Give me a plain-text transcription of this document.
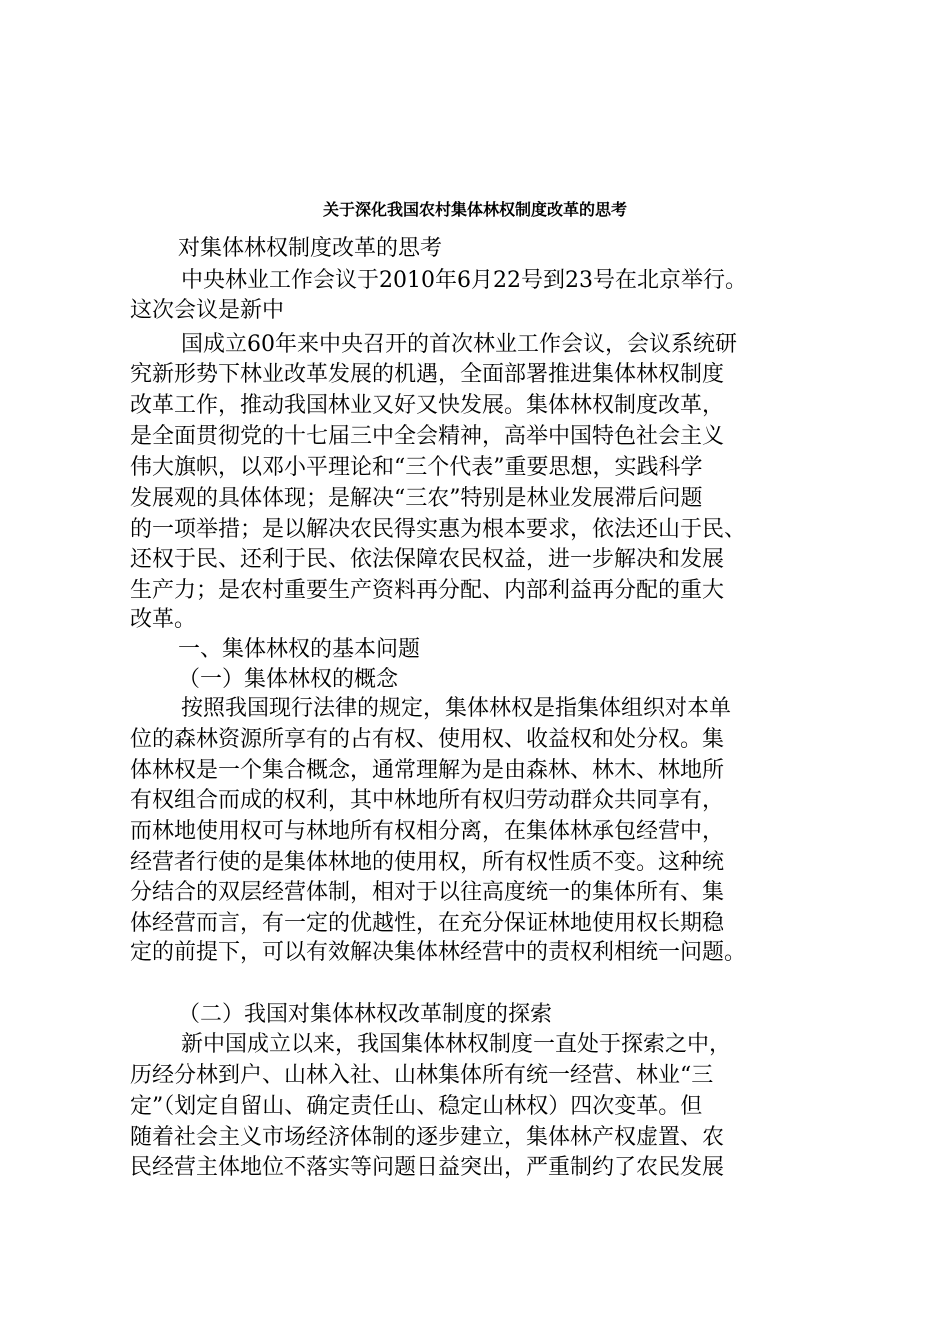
关于深化我国农村集体林权制度改革的思考
对集体林权制度改革的思考
中央林业工作会议于2010年6月22号到23号在北京举行。
这次会议是新中
国成立60年来中央召开的首次林业工作会议，会议系统研
究新形势下林业改革发展的机遇，全面部署推进集体林权制度
改革工作，推动我国林业又好又快发展。集体林权制度改革，
是全面贯彻党的十七届三中全会精神，高举中国特色社会主义
伟大旗帜，以邓小平理论和“三个代表”重要思想，实践科学
发展观的具体体现；是解决“三农”特别是林业发展滞后问题
的一项举措；是以解决农民得实惠为根本要求，依法还山于民、
还权于民、还利于民、依法保障农民权益，进一步解决和发展
生产力；是农村重要生产资料再分配、内部利益再分配的重大
改革。
一、集体林权的基本问题
（一）集体林权的概念
按照我国现行法律的规定，集体林权是指集体组织对本单
位的森林资源所享有的占有权、使用权、收益权和处分权。集
体林权是一个集合概念，通常理解为是由森林、林木、林地所
有权组合而成的权利，其中林地所有权归劳动群众共同享有，
而林地使用权可与林地所有权相分离，在集体林承包经营中，
经营者行使的是集体林地的使用权，所有权性质不变。这种统
分结合的双层经营体制，相对于以往高度统一的集体所有、集
体经营而言，有一定的优越性，在充分保证林地使用权长期稳
定的前提下，可以有效解决集体林经营中的责权利相统一问题。
（二）我国对集体林权改革制度的探索
新中国成立以来，我国集体林权制度一直处于探索之中，
历经分林到户、山林入社、山林集体所有统一经营、林业“三
定”（划定自留山、确定责任山、稳定山林权）四次变革。但
随着社会主义市场经济体制的逐步建立，集体林产权虚置、农
民经营主体地位不落实等问题日益突出，严重制约了农民发展
